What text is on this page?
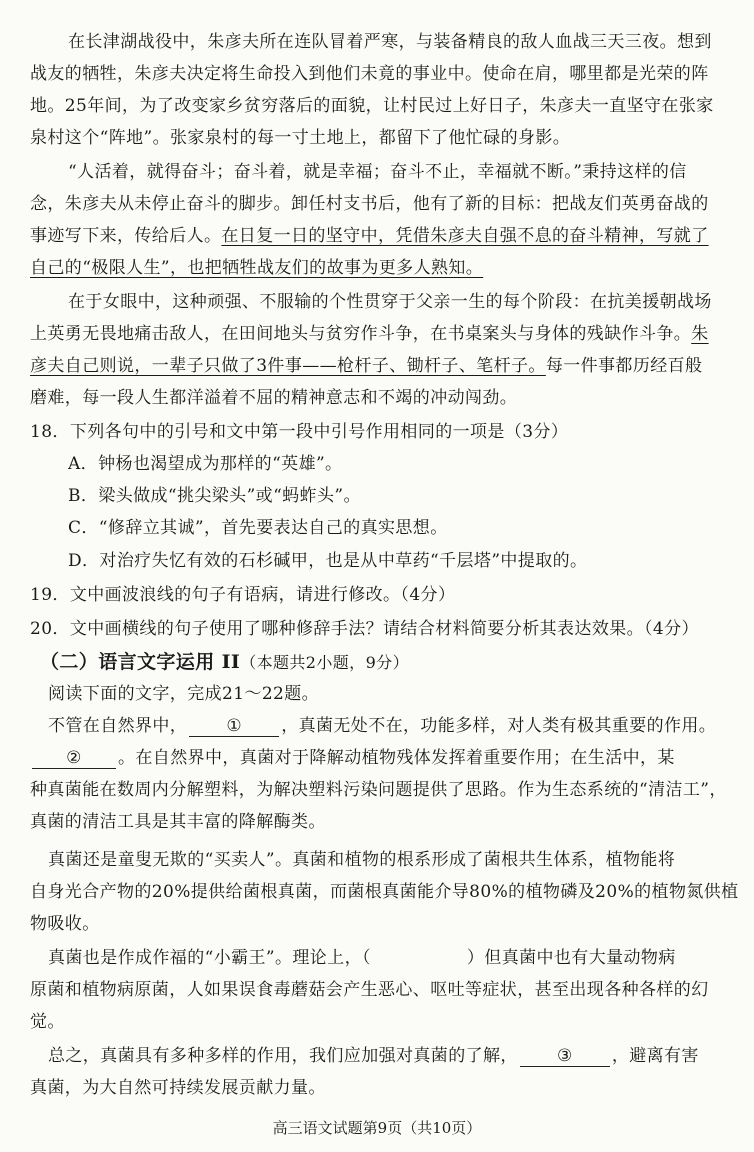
在长津湖战役中，朱彦夫所在连队冒着严寒，与装备精良的敌人血战三天三夜。想到
战友的牺牲，朱彦夫决定将生命投入到他们未竟的事业中。使命在肩，哪里都是光荣的阵
地。25年间，为了改变家乡贫穷落后的面貌，让村民过上好日子，朱彦夫一直坚守在张家
泉村这个“阵地”。张家泉村的每一寸土地上，都留下了他忙碌的身影。
“人活着，就得奋斗；奋斗着，就是幸福；奋斗不止，幸福就不断。”秉持这样的信
念，朱彦夫从未停止奋斗的脚步。卸任村支书后，他有了新的目标：把战友们英勇奋战的
事迹写下来，传给后人。在日复一日的坚守中，凭借朱彦夫自强不息的奋斗精神，写就了
自己的“极限人生”，也把牺牲战友们的故事为更多人熟知。
在于女眼中，这种顽强、不服输的个性贯穿于父亲一生的每个阶段：在抗美援朝战场
上英勇无畏地痛击敌人，在田间地头与贫穷作斗争，在书桌案头与身体的残缺作斗争。朱
彦夫自己则说，一辈子只做了3件事——枪杆子、锄杆子、笔杆子。每一件事都历经百般
磨难，每一段人生都洋溢着不屈的精神意志和不竭的冲动闯劲。
18．下列各句中的引号和文中第一段中引号作用相同的一项是（3分）
A．钟杨也渴望成为那样的“英雄”。
B．梁头做成“挑尖梁头”或“蚂蚱头”。
C．“修辞立其诚”，首先要表达自己的真实思想。
D．对治疗失忆有效的石杉碱甲，也是从中草药“千层塔”中提取的。
19．文中画波浪线的句子有语病，请进行修改。（4分）
20．文中画横线的句子使用了哪种修辞手法？请结合材料简要分析其表达效果。（4分）
（二）语言文字运用 II（本题共2小题，9分）
阅读下面的文字，完成21～22题。
不管在自然界中， ① ，真菌无处不在，功能多样，对人类有极其重要的作用。
② 。在自然界中，真菌对于降解动植物残体发挥着重要作用；在生活中，某
种真菌能在数周内分解塑料，为解决塑料污染问题提供了思路。作为生态系统的“清洁工”，
真菌的清洁工具是其丰富的降解酶类。
真菌还是童叟无欺的“买卖人”。真菌和植物的根系形成了菌根共生体系，植物能将
自身光合产物的20%提供给菌根真菌，而菌根真菌能介导80%的植物磷及20%的植物氮供植
物吸收。
真菌也是作成作福的“小霸王”。理论上，（	）但真菌中也有大量动物病
原菌和植物病原菌，人如果误食毒蘑菇会产生恶心、呕吐等症状，甚至出现各种各样的幻
觉。
总之，真菌具有多种多样的作用，我们应加强对真菌的了解， ③ ，避离有害
真菌，为大自然可持续发展贡献力量。
高三语文试题第9页（共10页）
